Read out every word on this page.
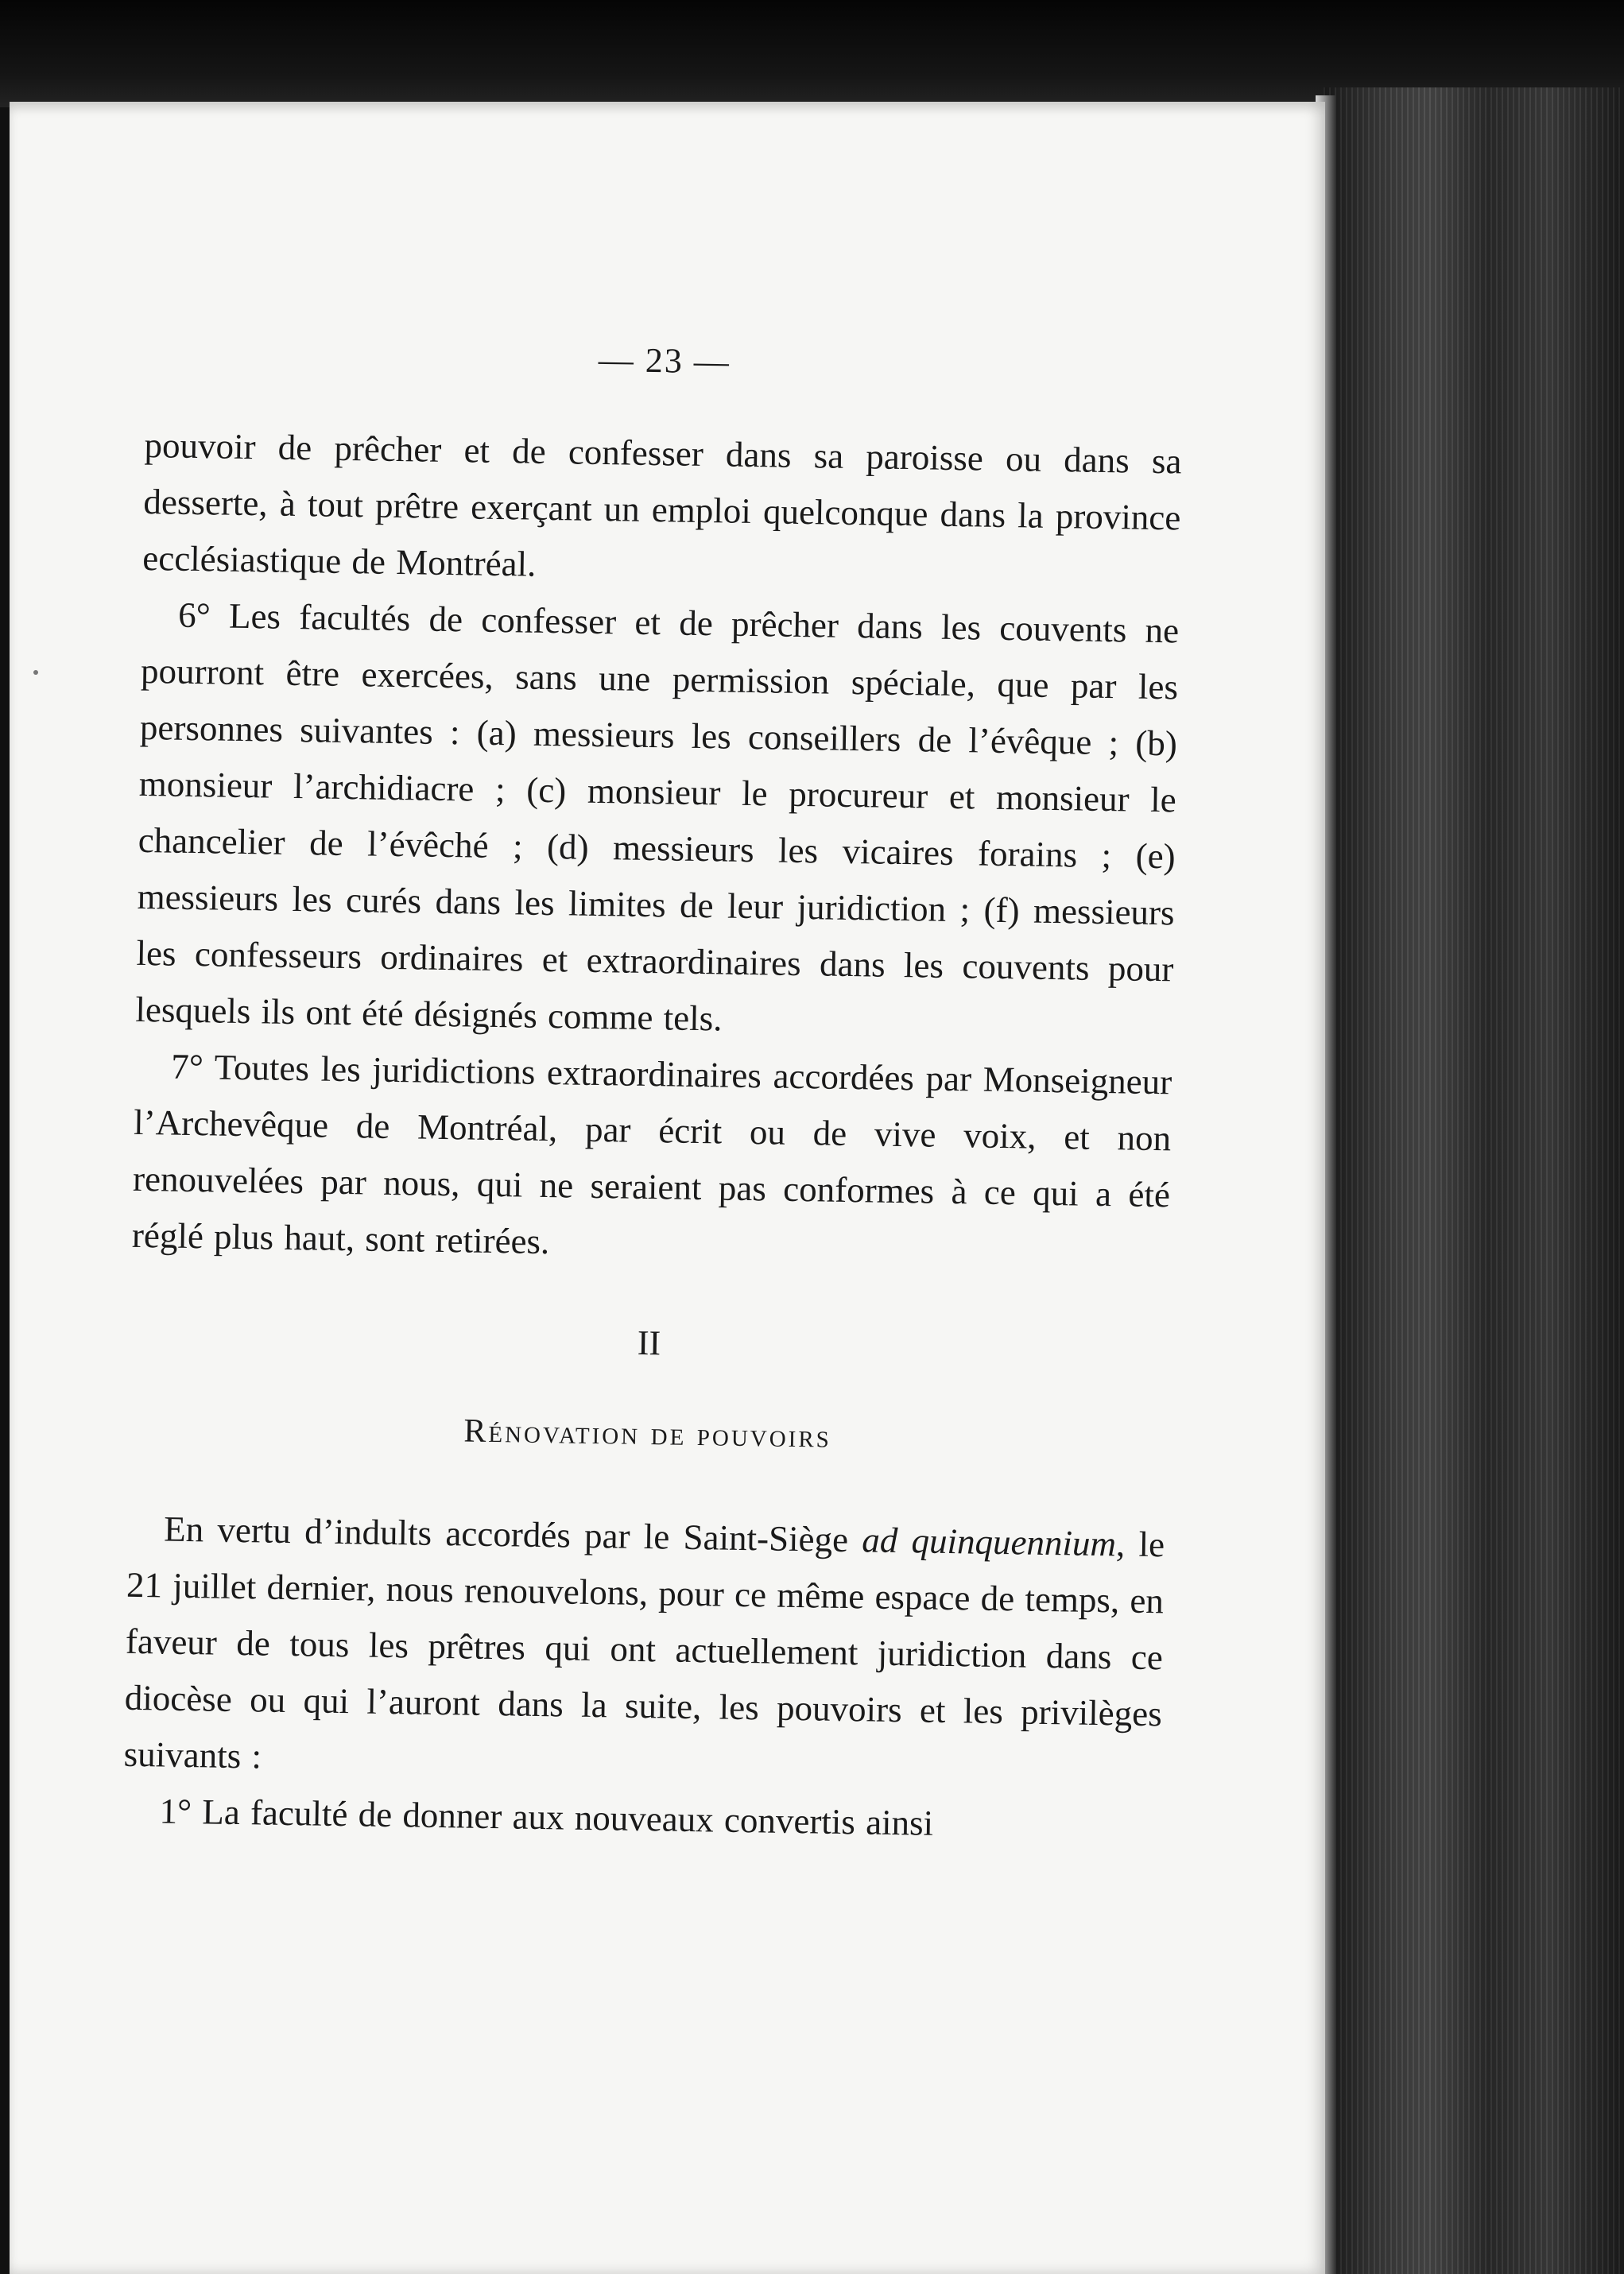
— 23 —

pouvoir de prêcher et de confesser dans sa paroisse ou dans sa desserte, à tout prêtre exerçant un emploi quelconque dans la province ecclésiastique de Montréal.

6° Les facultés de confesser et de prêcher dans les couvents ne pourront être exercées, sans une permission spéciale, que par les personnes suivantes : (a) messieurs les conseillers de l’évêque ; (b) monsieur l’archidiacre ; (c) monsieur le procureur et monsieur le chancelier de l’évêché ; (d) messieurs les vicaires forains ; (e) messieurs les curés dans les limites de leur juridiction ; (f) messieurs les confesseurs ordinaires et extraordinaires dans les couvents pour lesquels ils ont été désignés comme tels.

7° Toutes les juridictions extraordinaires accordées par Monseigneur l’Archevêque de Montréal, par écrit ou de vive voix, et non renouvelées par nous, qui ne seraient pas conformes à ce qui a été réglé plus haut, sont retirées.

II
Rénovation de pouvoirs

En vertu d’indults accordés par le Saint-Siège ad quinquennium, le 21 juillet dernier, nous renouvelons, pour ce même espace de temps, en faveur de tous les prêtres qui ont actuellement juridiction dans ce diocèse ou qui l’auront dans la suite, les pouvoirs et les privilèges suivants :

1° La faculté de donner aux nouveaux convertis ainsi
